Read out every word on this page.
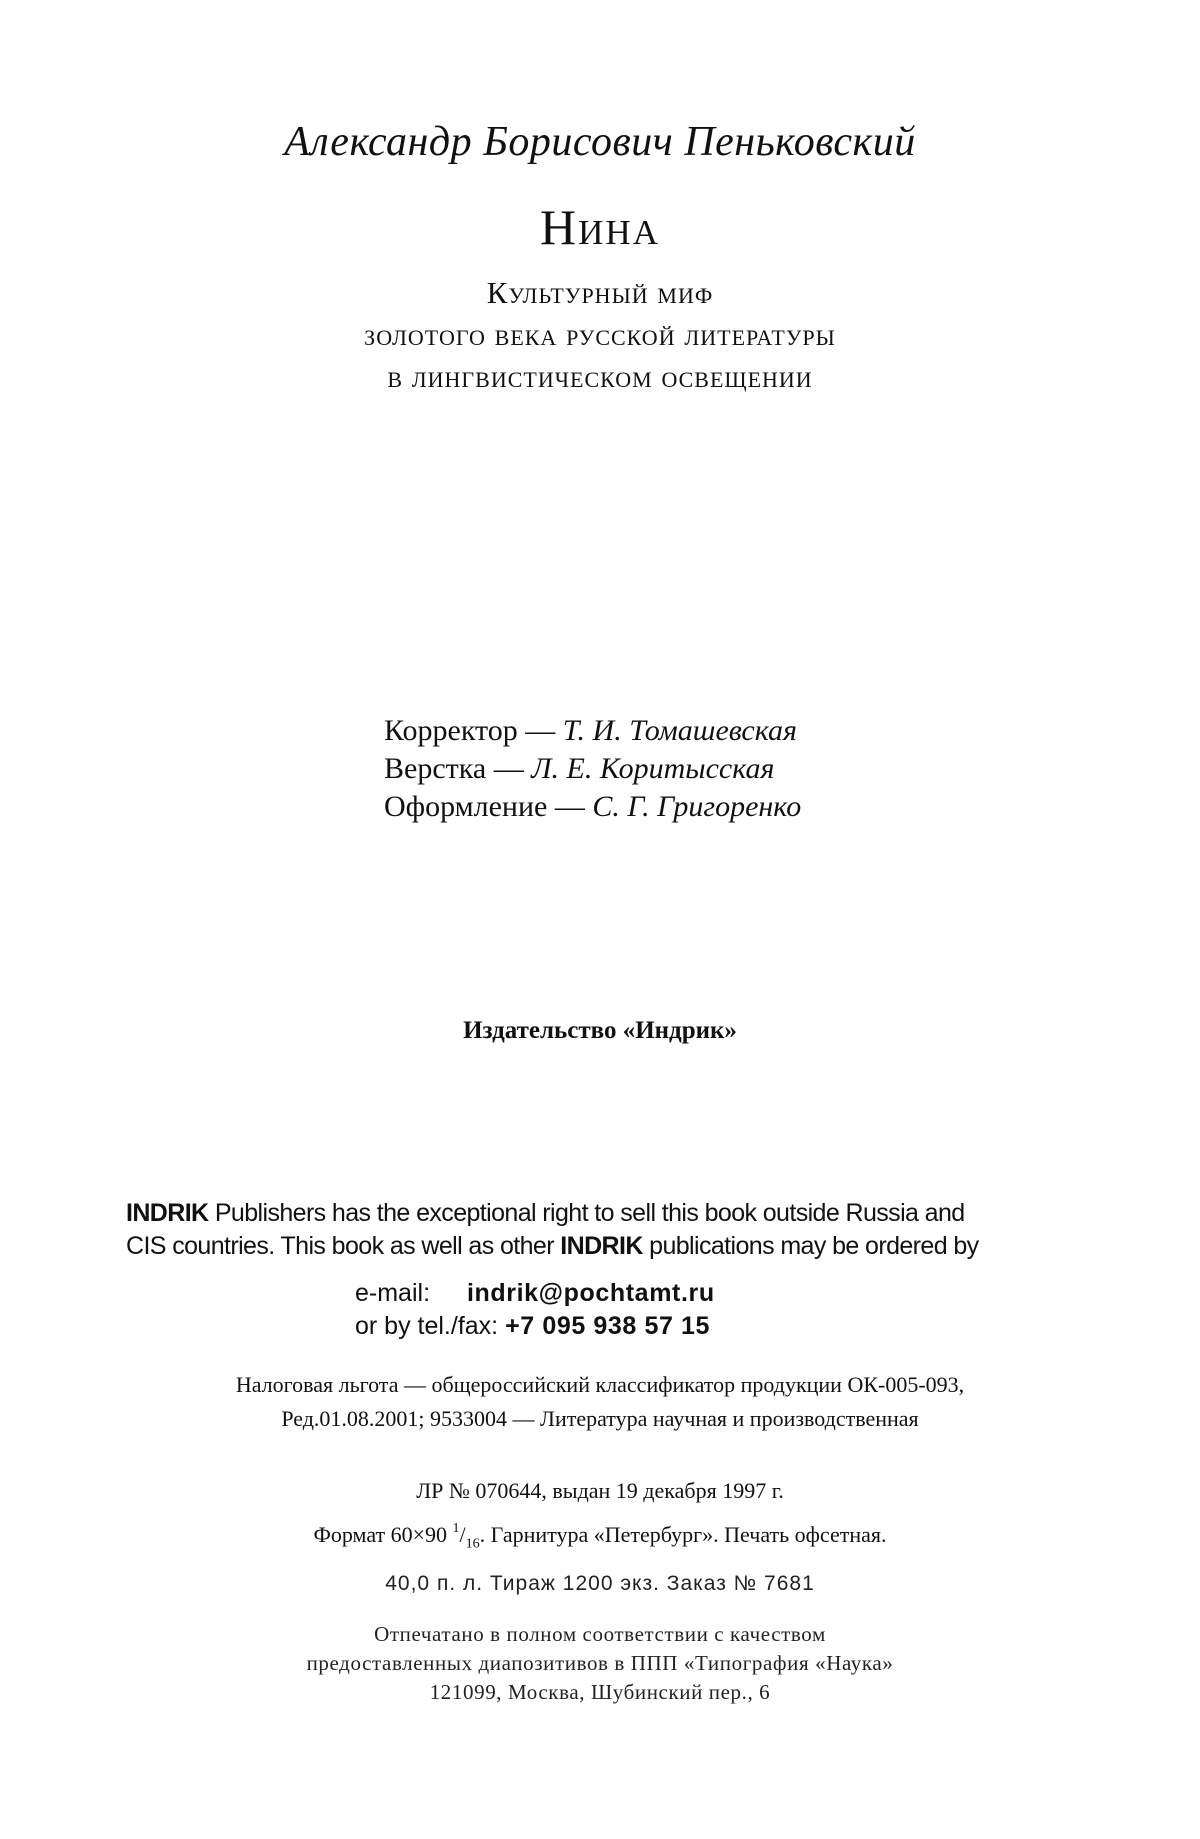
Александр Борисович Пеньковский
Нина
Культурный миф
золотого века русской литературы
в лингвистическом освещении
Корректор — Т. И. Томашевская
Верстка — Л. Е. Коритысская
Оформление — С. Г. Григоренко
Издательство «Индрик»
INDRIK Publishers has the exceptional right to sell this book outside Russia and
CIS countries. This book as well as other INDRIK publications may be ordered by
e-mail: indrik@pochtamt.ru
or by tel./fax: +7 095 938 57 15
Налоговая льгота — общероссийский классификатор продукции ОК-005-093,
Ред.01.08.2001; 9533004 — Литература научная и производственная
ЛР № 070644, выдан 19 декабря 1997 г.
Формат 60×90 $^1/_{16}$. Гарнитура «Петербург». Печать офсетная.
40,0 п. л. Тираж 1200 экз. Заказ № 7681
Отпечатано в полном соответствии с качеством
предоставленных диапозитивов в ППП «Типография «Наука»
121099, Москва, Шубинский пер., 6
